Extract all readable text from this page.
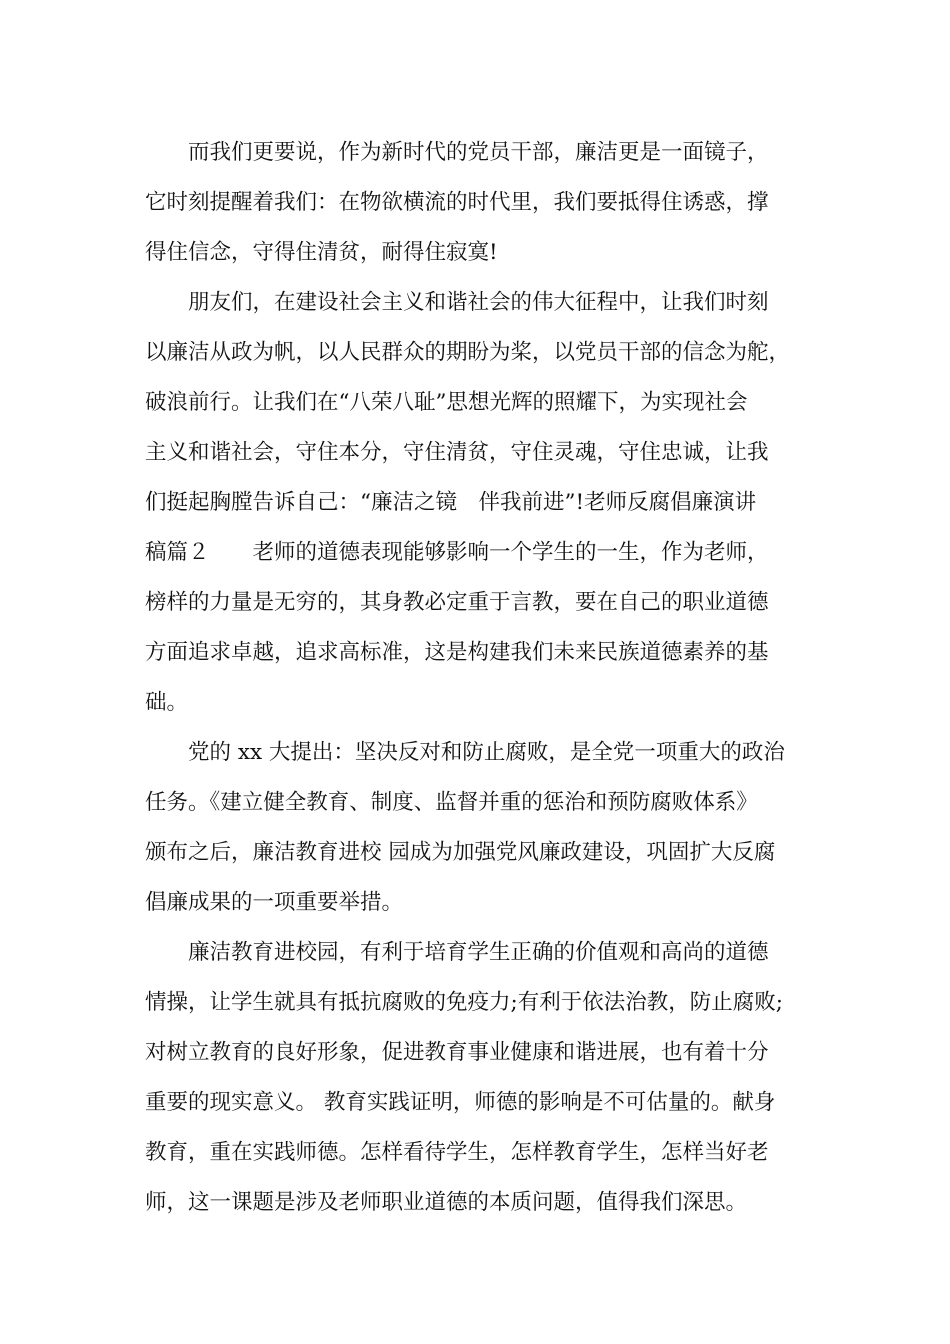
　　而我们更要说，作为新时代的党员干部，廉洁更是一面镜子，
它时刻提醒着我们：在物欲横流的时代里，我们要抵得住诱惑，撑
得住信念，守得住清贫，耐得住寂寞!
　　朋友们，在建设社会主义和谐社会的伟大征程中，让我们时刻
以廉洁从政为帆，以人民群众的期盼为桨，以党员干部的信念为舵，
破浪前行。让我们在“八荣八耻”思想光辉的照耀下，为实现社会
主义和谐社会，守住本分，守住清贫，守住灵魂，守住忠诚，让我
们挺起胸膛告诉自己：“廉洁之镜　伴我前进”!老师反腐倡廉演讲
稿篇２　　老师的道德表现能够影响一个学生的一生，作为老师，
榜样的力量是无穷的，其身教必定重于言教，要在自己的职业道德
方面追求卓越，追求高标准，这是构建我们未来民族道德素养的基
础。
　　党的 xx 大提出：坚决反对和防止腐败，是全党一项重大的政治
任务。《建立健全教育、制度、监督并重的惩治和预防腐败体系》
颁布之后，廉洁教育进校 园成为加强党风廉政建设，巩固扩大反腐
倡廉成果的一项重要举措。
　　廉洁教育进校园，有利于培育学生正确的价值观和高尚的道德
情操，让学生就具有抵抗腐败的免疫力;有利于依法治教，防止腐败;
对树立教育的良好形象，促进教育事业健康和谐进展，也有着十分
重要的现实意义。 教育实践证明，师德的影响是不可估量的。献身
教育，重在实践师德。怎样看待学生，怎样教育学生，怎样当好老
师，这一课题是涉及老师职业道德的本质问题，值得我们深思。
